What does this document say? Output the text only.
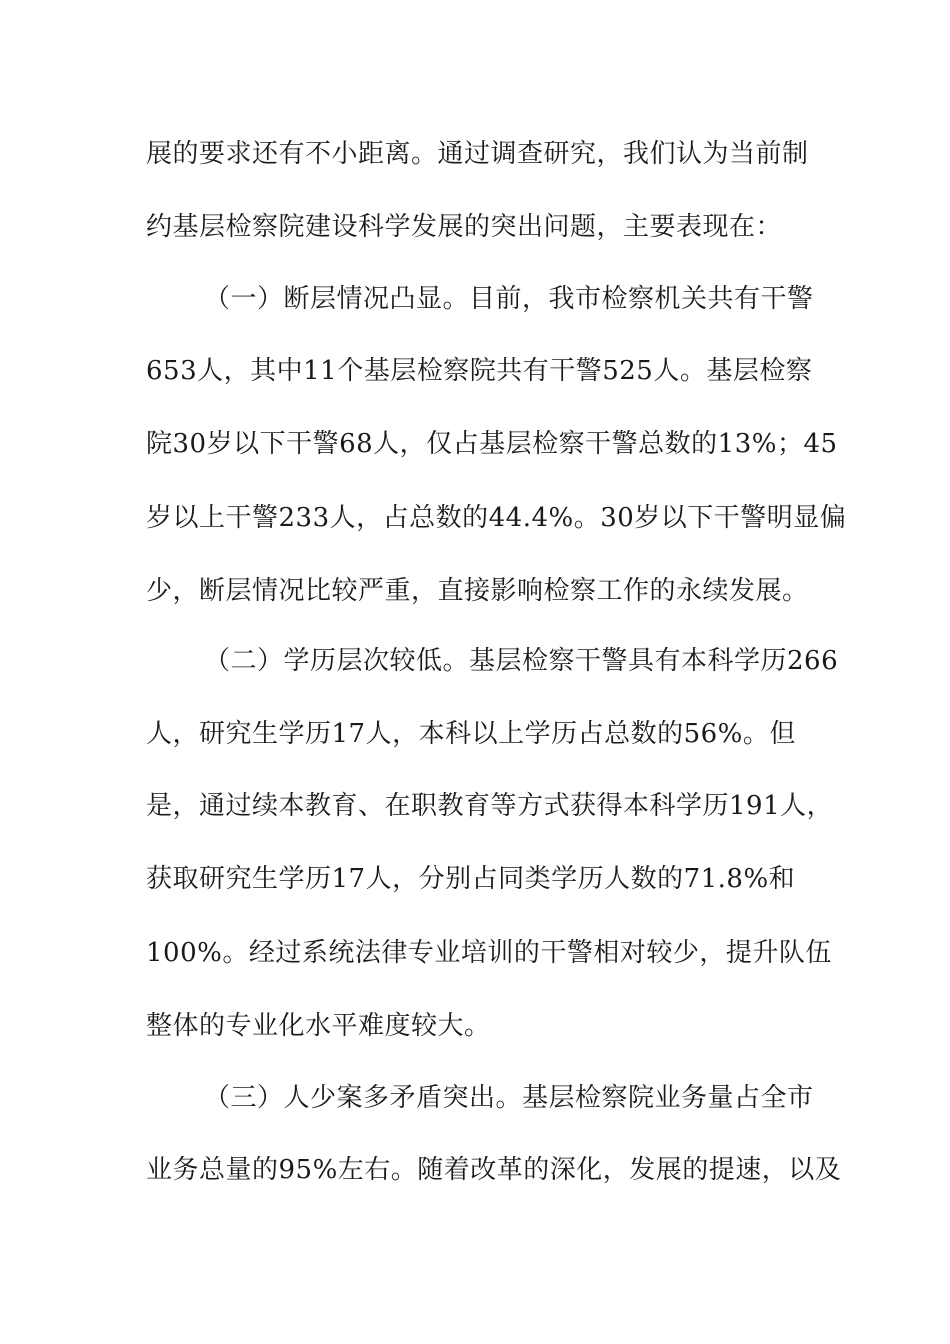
展的要求还有不小距离。通过调查研究，我们认为当前制
约基层检察院建设科学发展的突出问题，主要表现在：
（一）断层情况凸显。目前，我市检察机关共有干警
653人，其中11个基层检察院共有干警525人。基层检察
院30岁以下干警68人，仅占基层检察干警总数的13%；45
岁以上干警233人，占总数的44.4%。30岁以下干警明显偏
少，断层情况比较严重，直接影响检察工作的永续发展。
（二）学历层次较低。基层检察干警具有本科学历266
人，研究生学历17人，本科以上学历占总数的56%。但
是，通过续本教育、在职教育等方式获得本科学历191人，
获取研究生学历17人，分别占同类学历人数的71.8%和
100%。经过系统法律专业培训的干警相对较少，提升队伍
整体的专业化水平难度较大。
（三）人少案多矛盾突出。基层检察院业务量占全市
业务总量的95%左右。随着改革的深化，发展的提速，以及
